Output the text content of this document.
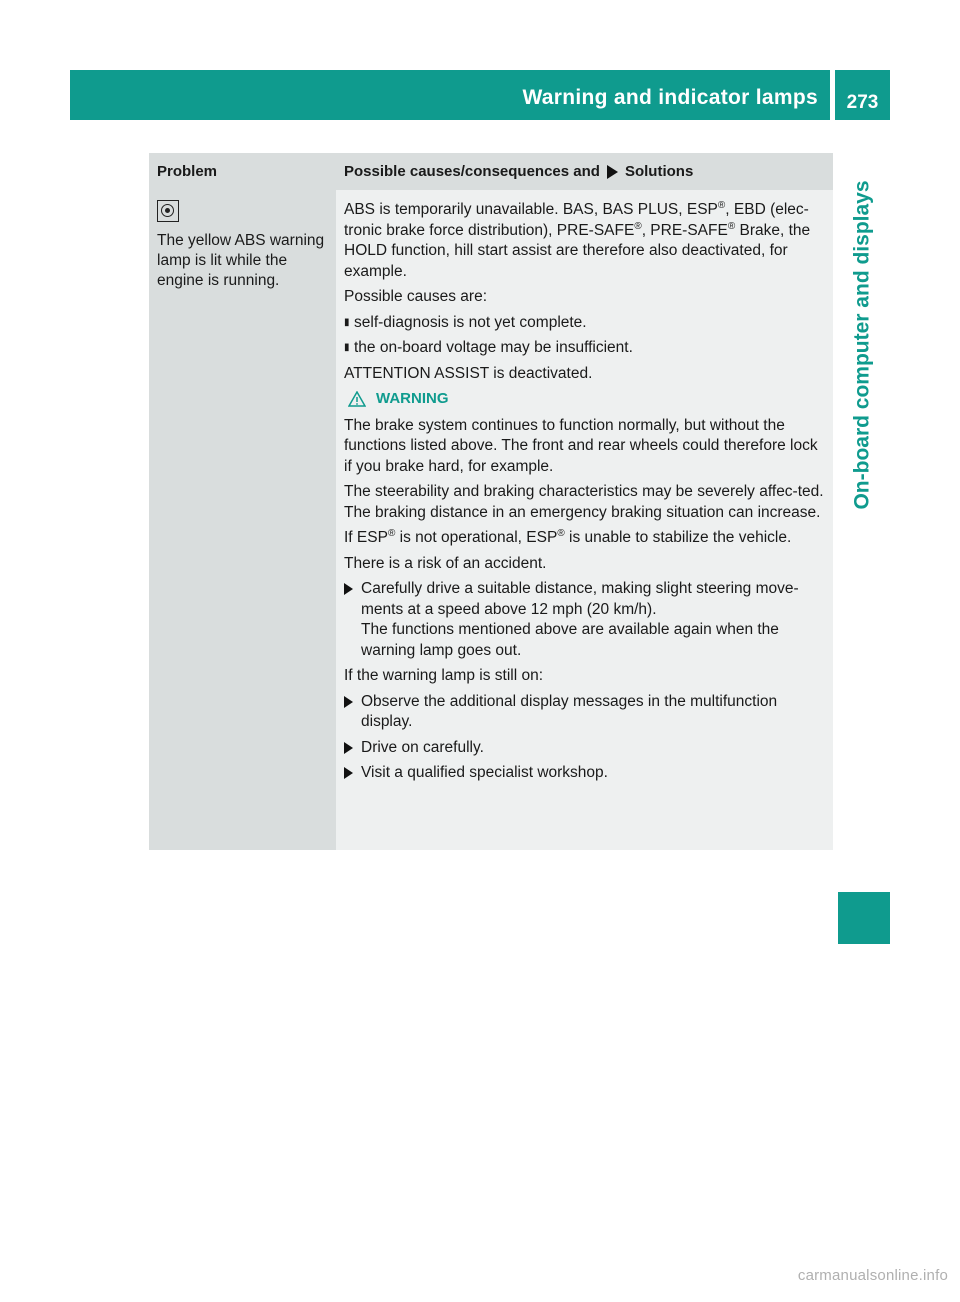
Warning and indicator lamps	273
On-board computer and displays
Problem	Possible causes/consequences and Solutions
The yellow ABS warning lamp is lit while the engine is running.

ABS is temporarily unavailable. BAS, BAS PLUS, ESP®, EBD (elec-tronic brake force distribution), PRE-SAFE®, PRE-SAFE® Brake, the HOLD function, hill start assist are therefore also deactivated, for example.

Possible causes are:

▮ self-diagnosis is not yet complete.
▮ the on-board voltage may be insufficient.

ATTENTION ASSIST is deactivated.

WARNING

The brake system continues to function normally, but without the functions listed above. The front and rear wheels could therefore lock if you brake hard, for example.

The steerability and braking characteristics may be severely affec-ted. The braking distance in an emergency braking situation can increase.

If ESP® is not operational, ESP® is unable to stabilize the vehicle.

There is a risk of an accident.

Carefully drive a suitable distance, making slight steering move-ments at a speed above 12 mph (20 km/h).
The functions mentioned above are available again when the warning lamp goes out.

If the warning lamp is still on:

Observe the additional display messages in the multifunction display.
Drive on carefully.
Visit a qualified specialist workshop.
carmanualsonline.info
